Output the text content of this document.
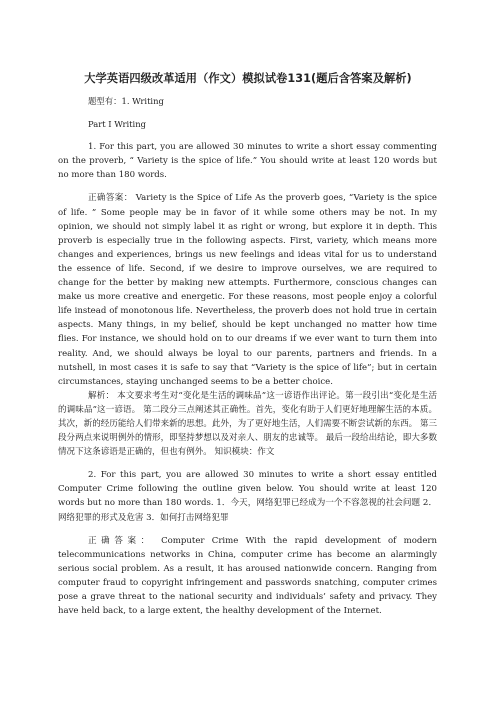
大学英语四级改革适用（作文）模拟试卷131(题后含答案及解析)

题型有：1. Writing

Part I Writing

1. For this part, you are allowed 30 minutes to write a short essay commenting on the proverb, “ Variety is the spice of life.” You should write at least 120 words but no more than 180 words.

正确答案： Variety is the Spice of Life As the proverb goes, “Variety is the spice of life. ” Some people may be in favor of it while some others may be not. In my opinion, we should not simply label it as right or wrong, but explore it in depth. This proverb is especially true in the following aspects. First, variety, which means more changes and experiences, brings us new feelings and ideas vital for us to understand the essence of life. Second, if we desire to improve ourselves, we are required to change for the better by making new attempts. Furthermore, conscious changes can make us more creative and energetic. For these reasons, most people enjoy a colorful life instead of monotonous life. Nevertheless, the proverb does not hold true in certain aspects. Many things, in my belief, should be kept unchanged no matter how time flies. For instance, we should hold on to our dreams if we ever want to turn them into reality. And, we should always be loyal to our parents, partners and friends. In a nutshell, in most cases it is safe to say that “Variety is the spice of life”; but in certain circumstances, staying unchanged seems to be a better choice.

解析： 本文要求考生对“变化是生活的调味品”这一谚语作出评论。第一段引出“变化是生活的调味品”这一谚语。 第二段分三点阐述其正确性。首先，变化有助于人们更好地理解生活的本质。其次，新的经历能给人们带来新的思想。此外，为了更好地生活，人们需要不断尝试新的东西。 第三段分两点来说明例外的情形，即坚持梦想以及对亲人、朋友的忠诚等。 最后一段给出结论，即大多数情况下这条谚语是正确的，但也有例外。 知识模块：作文

2. For this part, you are allowed 30 minutes to write a short essay entitled Computer Crime following the outline given below. You should write at least 120 words but no more than 180 words. 1．今天，网络犯罪已经成为一个不容忽视的社会问题 2．网络犯罪的形式及危害 3．如何打击网络犯罪

正确答案： Computer Crime With the rapid development of modern telecommunications networks in China, computer crime has become an alarmingly serious social problem. As a result, it has aroused nationwide concern. Ranging from computer fraud to copyright infringement and passwords snatching, computer crimes pose a grave threat to the national security and individuals’ safety and privacy. They have held back, to a large extent, the healthy development of the Internet.
